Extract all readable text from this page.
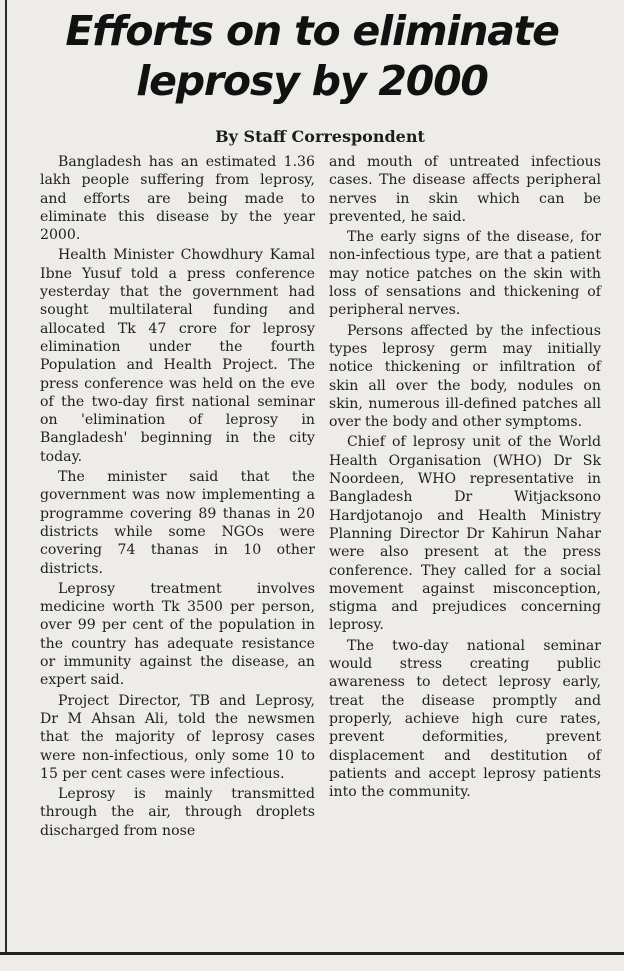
Efforts on to eliminate
leprosy by 2000
By Staff Correspondent

Bangladesh has an estimated 1.36 lakh people suffering from leprosy, and efforts are being made to eliminate this disease by the year 2000.

Health Minister Chowdhury Kamal Ibne Yusuf told a press conference yesterday that the government had sought multilateral funding and allocated Tk 47 crore for leprosy elimination under the fourth Population and Health Project. The press conference was held on the eve of the two-day first national seminar on 'elimination of leprosy in Bangladesh' beginning in the city today.

The minister said that the government was now implementing a programme covering 89 thanas in 20 districts while some NGOs were covering 74 thanas in 10 other districts.

Leprosy treatment involves medicine worth Tk 3500 per person, over 99 per cent of the population in the country has adequate resistance or immunity against the disease, an expert said.

Project Director, TB and Leprosy, Dr M Ahsan Ali, told the newsmen that the majority of leprosy cases were non-infectious, only some 10 to 15 per cent cases were infectious.

Leprosy is mainly transmitted through the air, through droplets discharged from nose

and mouth of untreated infectious cases. The disease affects peripheral nerves in skin which can be prevented, he said.

The early signs of the disease, for non-infectious type, are that a patient may notice patches on the skin with loss of sensations and thickening of peripheral nerves.

Persons affected by the infectious types leprosy germ may initially notice thickening or infiltration of skin all over the body, nodules on skin, numerous ill-defined patches all over the body and other symptoms.

Chief of leprosy unit of the World Health Organisation (WHO) Dr Sk Noordeen, WHO representative in Bangladesh Dr Witjacksono Hardjotanojo and Health Ministry Planning Director Dr Kahirun Nahar were also present at the press conference. They called for a social movement against misconception, stigma and prejudices concerning leprosy.

The two-day national seminar would stress creating public awareness to detect leprosy early, treat the disease promptly and properly, achieve high cure rates, prevent deformities, prevent displacement and destitution of patients and accept leprosy patients into the community.
